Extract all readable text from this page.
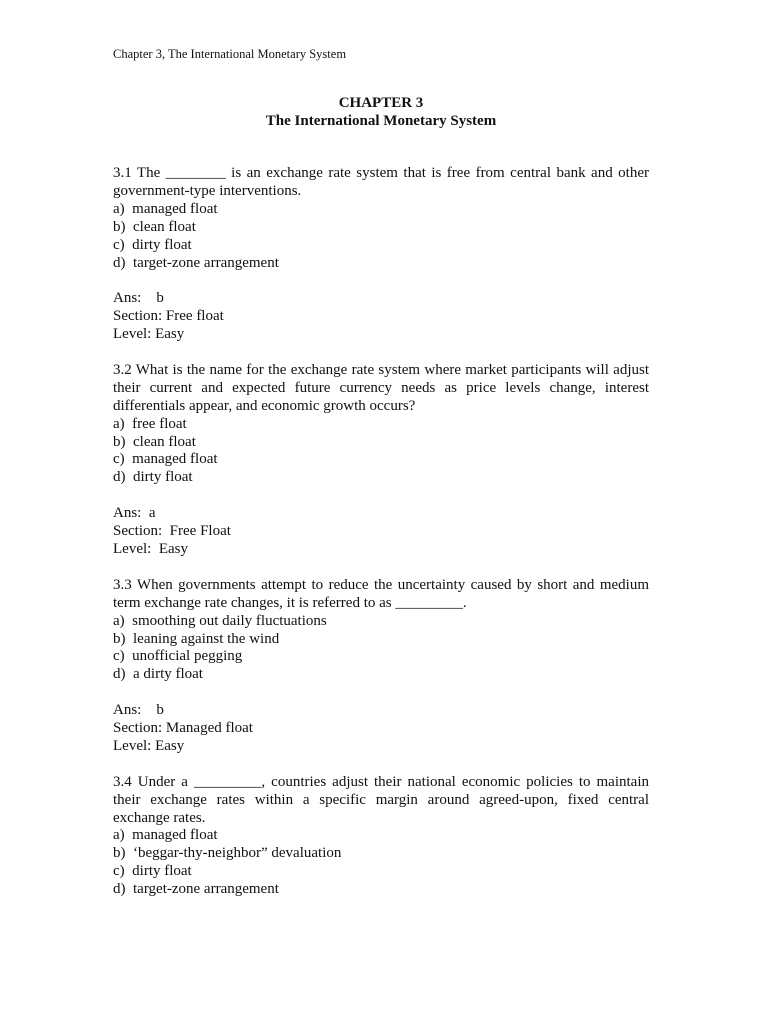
Chapter 3, The International Monetary System
CHAPTER 3
The International Monetary System

3.1 The ________ is an exchange rate system that is free from central bank and other government-type interventions.

a)  managed float
b)  clean float
c)  dirty float
d)  target-zone arrangement
Ans:    b
Section: Free float
Level: Easy

3.2 What is the name for the exchange rate system where market participants will adjust their current and expected future currency needs as price levels change, interest differentials appear, and economic growth occurs?

a)  free float
b)  clean float
c)  managed float
d)  dirty float
Ans:  a
Section:  Free Float
Level:  Easy

3.3 When governments attempt to reduce the uncertainty caused by short and medium term exchange rate changes, it is referred to as _________.

a)  smoothing out daily fluctuations
b)  leaning against the wind
c)  unofficial pegging
d)  a dirty float
Ans:    b
Section: Managed float
Level: Easy

3.4 Under a _________, countries adjust their national economic policies to maintain their exchange rates within a specific margin around agreed-upon, fixed central exchange rates.

a)  managed float
b)  ‘beggar-thy-neighbor” devaluation
c)  dirty float
d)  target-zone arrangement
